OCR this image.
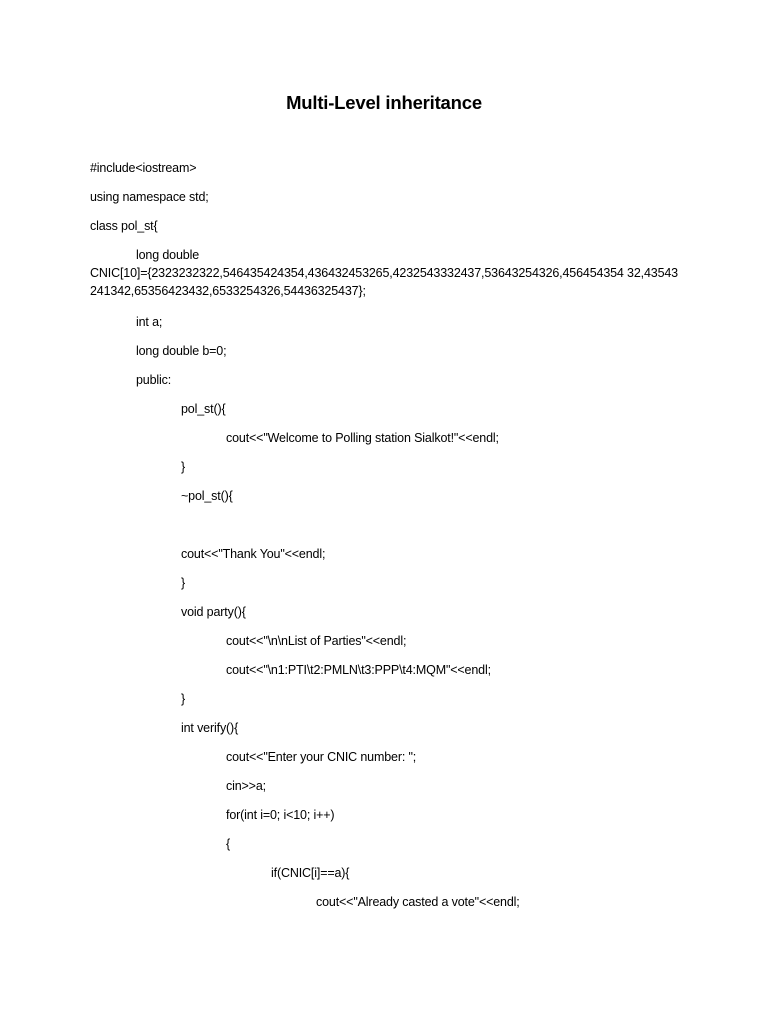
Multi-Level inheritance
#include<iostream>
using namespace std;
class pol_st{
long double
CNIC[10]={2323232322,546435424354,436432453265,4232543332437,53643254326,456454354 32,43543241342,65356423432,6533254326,54436325437};
int a;
long double b=0;
public:
pol_st(){
cout<<"Welcome to Polling station Sialkot!"<<endl;
}
~pol_st(){
cout<<"Thank You"<<endl;
}
void party(){
cout<<"\n\nList of Parties"<<endl;
cout<<"\n1:PTI\t2:PMLN\t3:PPP\t4:MQM"<<endl;
}
int verify(){
cout<<"Enter your CNIC number: ";
cin>>a;
for(int i=0; i<10; i++)
{
if(CNIC[i]==a){
cout<<"Already casted a vote"<<endl;
